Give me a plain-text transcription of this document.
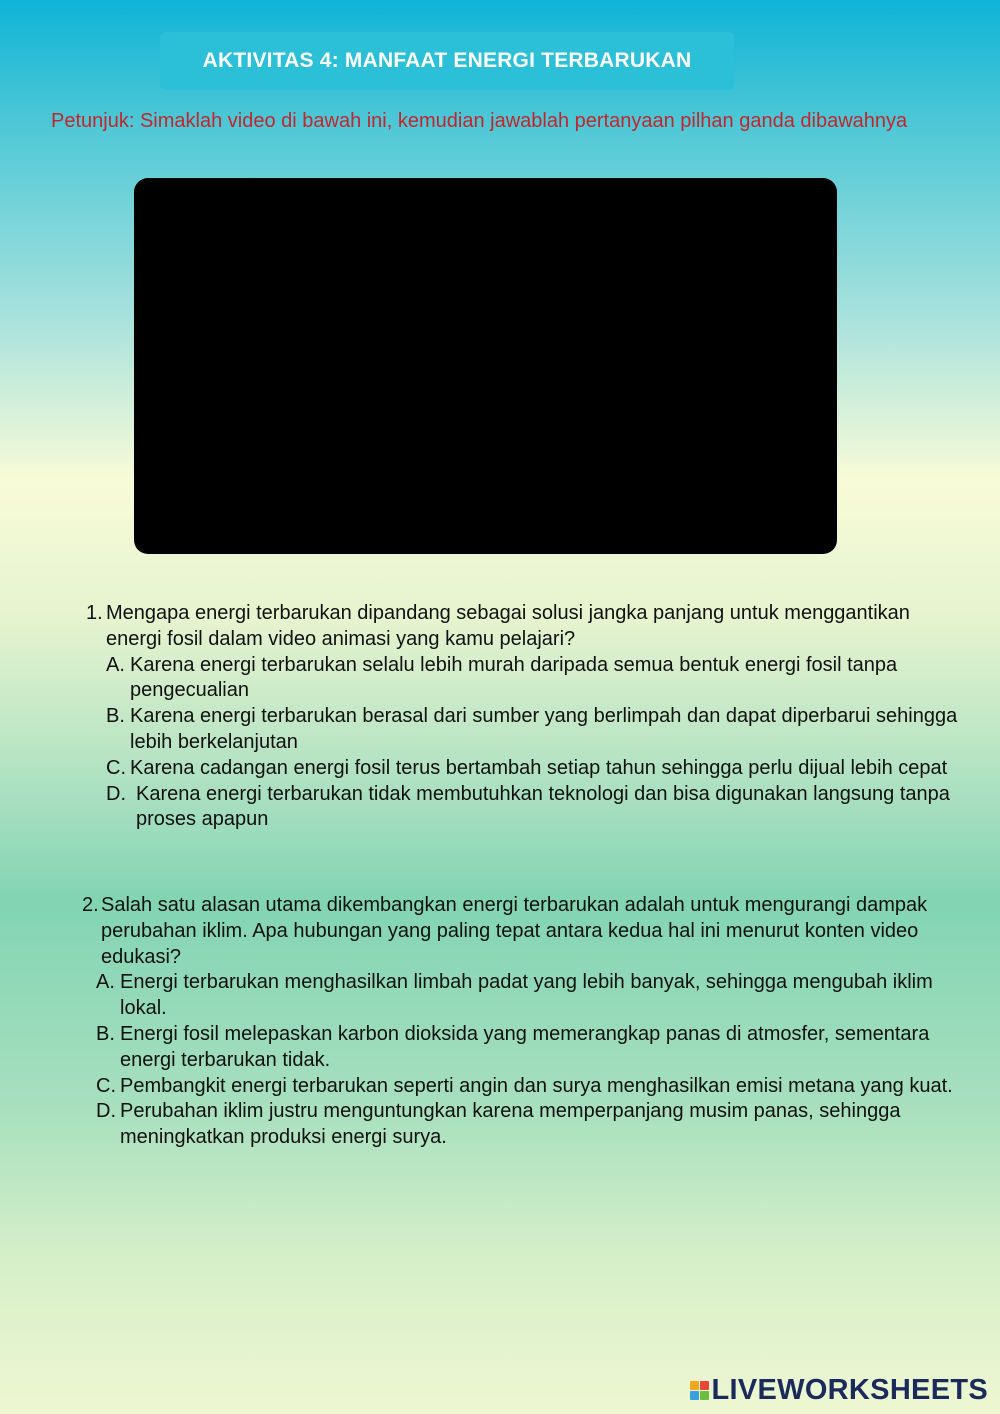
AKTIVITAS 4: MANFAAT ENERGI TERBARUKAN
Petunjuk: Simaklah video di bawah ini, kemudian jawablah pertanyaan pilhan ganda dibawahnya
1. Mengapa energi terbarukan dipandang sebagai solusi jangka panjang untuk menggantikan energi fosil dalam video animasi yang kamu pelajari?
A. Karena energi terbarukan selalu lebih murah daripada semua bentuk energi fosil tanpa pengecualian
B. Karena energi terbarukan berasal dari sumber yang berlimpah dan dapat diperbarui sehingga lebih berkelanjutan
C. Karena cadangan energi fosil terus bertambah setiap tahun sehingga perlu dijual lebih cepat
D. Karena energi terbarukan tidak membutuhkan teknologi dan bisa digunakan langsung tanpa proses apapun
2. Salah satu alasan utama dikembangkan energi terbarukan adalah untuk mengurangi dampak perubahan iklim. Apa hubungan yang paling tepat antara kedua hal ini menurut konten video edukasi?
A. Energi terbarukan menghasilkan limbah padat yang lebih banyak, sehingga mengubah iklim lokal.
B. Energi fosil melepaskan karbon dioksida yang memerangkap panas di atmosfer, sementara energi terbarukan tidak.
C. Pembangkit energi terbarukan seperti angin dan surya menghasilkan emisi metana yang kuat.
D. Perubahan iklim justru menguntungkan karena memperpanjang musim panas, sehingga meningkatkan produksi energi surya.
LIVEWORKSHEETS
